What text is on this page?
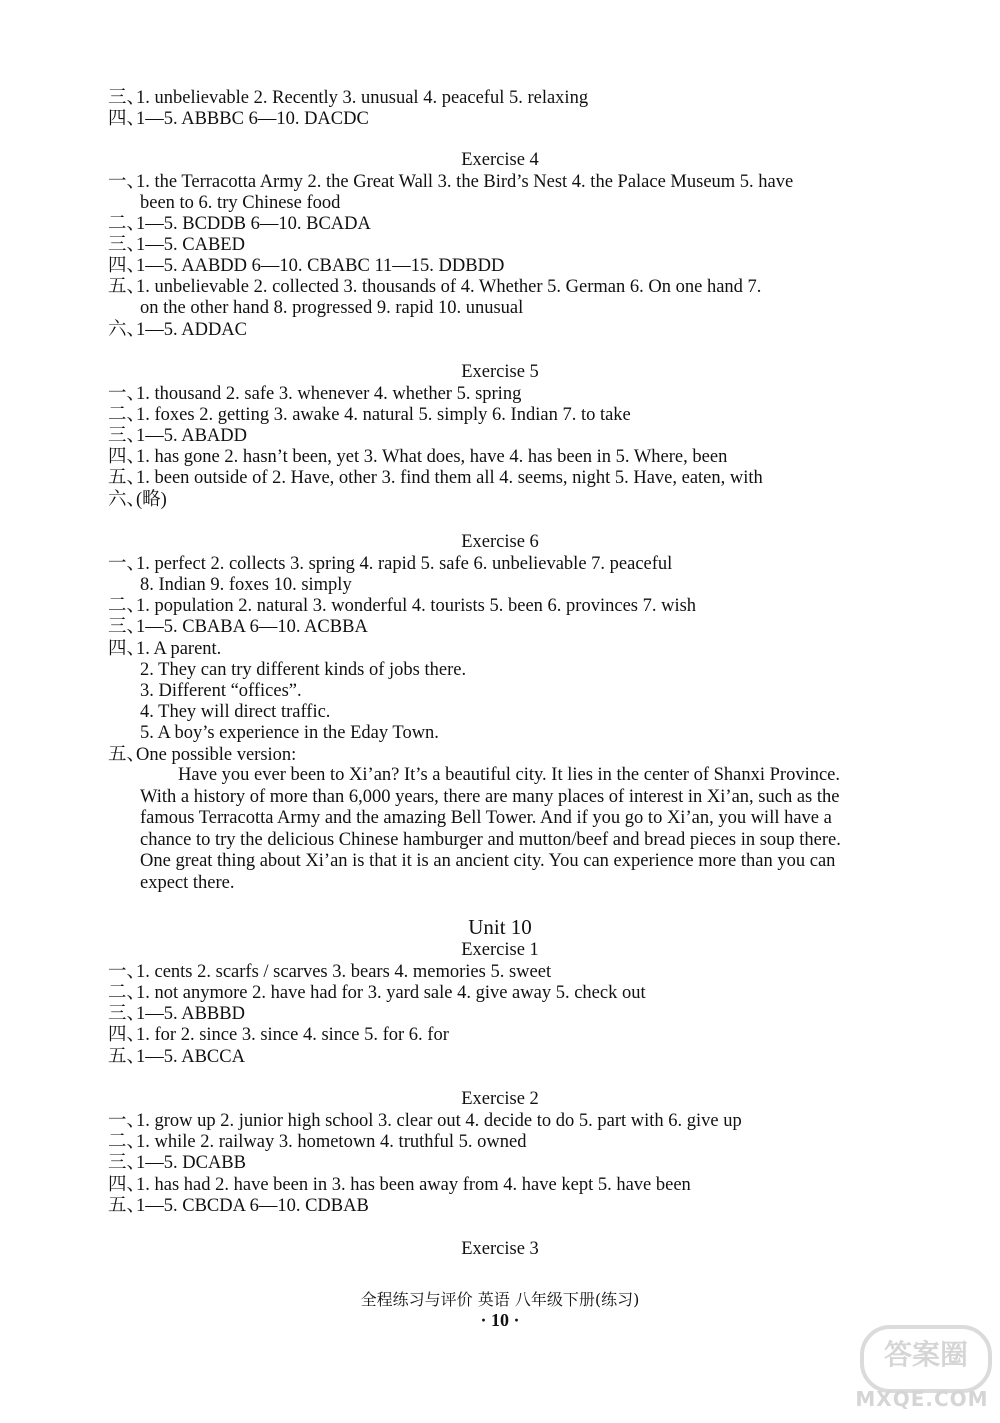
三、1. unbelievable 2. Recently 3. unusual 4. peaceful 5. relaxing
四、1—5. ABBBC 6—10. DACDC
Exercise 4
一、1. the Terracotta Army 2. the Great Wall 3. the Bird’s Nest 4. the Palace Museum 5. have
been to 6. try Chinese food
二、1—5. BCDDB 6—10. BCADA
三、1—5. CABED
四、1—5. AABDD 6—10. CBABC 11—15. DDBDD
五、1. unbelievable 2. collected 3. thousands of 4. Whether 5. German 6. On one hand 7.
on the other hand 8. progressed 9. rapid 10. unusual
六、1—5. ADDAC
Exercise 5
一、1. thousand 2. safe 3. whenever 4. whether 5. spring
二、1. foxes 2. getting 3. awake 4. natural 5. simply 6. Indian 7. to take
三、1—5. ABADD
四、1. has gone 2. hasn’t been, yet 3. What does, have 4. has been in 5. Where, been
五、1. been outside of 2. Have, other 3. find them all 4. seems, night 5. Have, eaten, with
六、(略)
Exercise 6
一、1. perfect 2. collects 3. spring 4. rapid 5. safe 6. unbelievable 7. peaceful
8. Indian 9. foxes 10. simply
二、1. population 2. natural 3. wonderful 4. tourists 5. been 6. provinces 7. wish
三、1—5. CBABA 6—10. ACBBA
四、1. A parent.
2. They can try different kinds of jobs there.
3. Different “offices”.
4. They will direct traffic.
5. A boy’s experience in the Eday Town.
五、One possible version:
Have you ever been to Xi’an? It’s a beautiful city. It lies in the center of Shanxi Province.
With a history of more than 6,000 years, there are many places of interest in Xi’an, such as the
famous Terracotta Army and the amazing Bell Tower. And if you go to Xi’an, you will have a
chance to try the delicious Chinese hamburger and mutton/beef and bread pieces in soup there.
One great thing about Xi’an is that it is an ancient city. You can experience more than you can
expect there.
Unit 10
Exercise 1
一、1. cents 2. scarfs / scarves 3. bears 4. memories 5. sweet
二、1. not anymore 2. have had for 3. yard sale 4. give away 5. check out
三、1—5. ABBBD
四、1. for 2. since 3. since 4. since 5. for 6. for
五、1—5. ABCCA
Exercise 2
一、1. grow up 2. junior high school 3. clear out 4. decide to do 5. part with 6. give up
二、1. while 2. railway 3. hometown 4. truthful 5. owned
三、1—5. DCABB
四、1. has had 2. have been in 3. has been away from 4. have kept 5. have been
五、1—5. CBCDA 6—10. CDBAB
Exercise 3
全程练习与评价 英语 八年级下册(练习)
· 10 ·
答案圈
MXQE.COM
